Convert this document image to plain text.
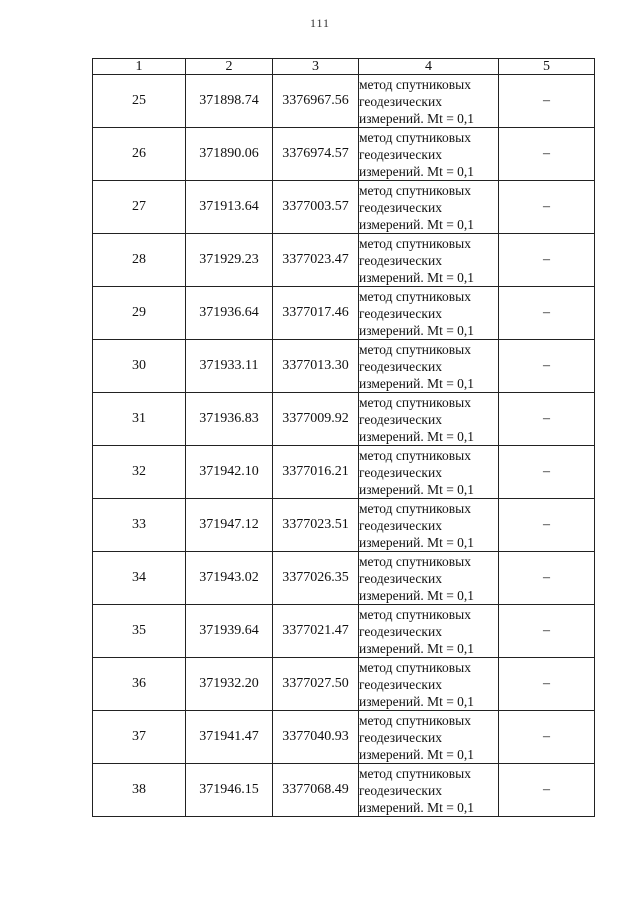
111
1	2	3	4	5
25	371898.74	3376967.56	метод спутниковых
геодезических
измерений. Mt = 0,1	–
26	371890.06	3376974.57	метод спутниковых
геодезических
измерений. Mt = 0,1	–
27	371913.64	3377003.57	метод спутниковых
геодезических
измерений. Mt = 0,1	–
28	371929.23	3377023.47	метод спутниковых
геодезических
измерений. Mt = 0,1	–
29	371936.64	3377017.46	метод спутниковых
геодезических
измерений. Mt = 0,1	–
30	371933.11	3377013.30	метод спутниковых
геодезических
измерений. Mt = 0,1	–
31	371936.83	3377009.92	метод спутниковых
геодезических
измерений. Mt = 0,1	–
32	371942.10	3377016.21	метод спутниковых
геодезических
измерений. Mt = 0,1	–
33	371947.12	3377023.51	метод спутниковых
геодезических
измерений. Mt = 0,1	–
34	371943.02	3377026.35	метод спутниковых
геодезических
измерений. Mt = 0,1	–
35	371939.64	3377021.47	метод спутниковых
геодезических
измерений. Mt = 0,1	–
36	371932.20	3377027.50	метод спутниковых
геодезических
измерений. Mt = 0,1	–
37	371941.47	3377040.93	метод спутниковых
геодезических
измерений. Mt = 0,1	–
38	371946.15	3377068.49	метод спутниковых
геодезических
измерений. Mt = 0,1	–
